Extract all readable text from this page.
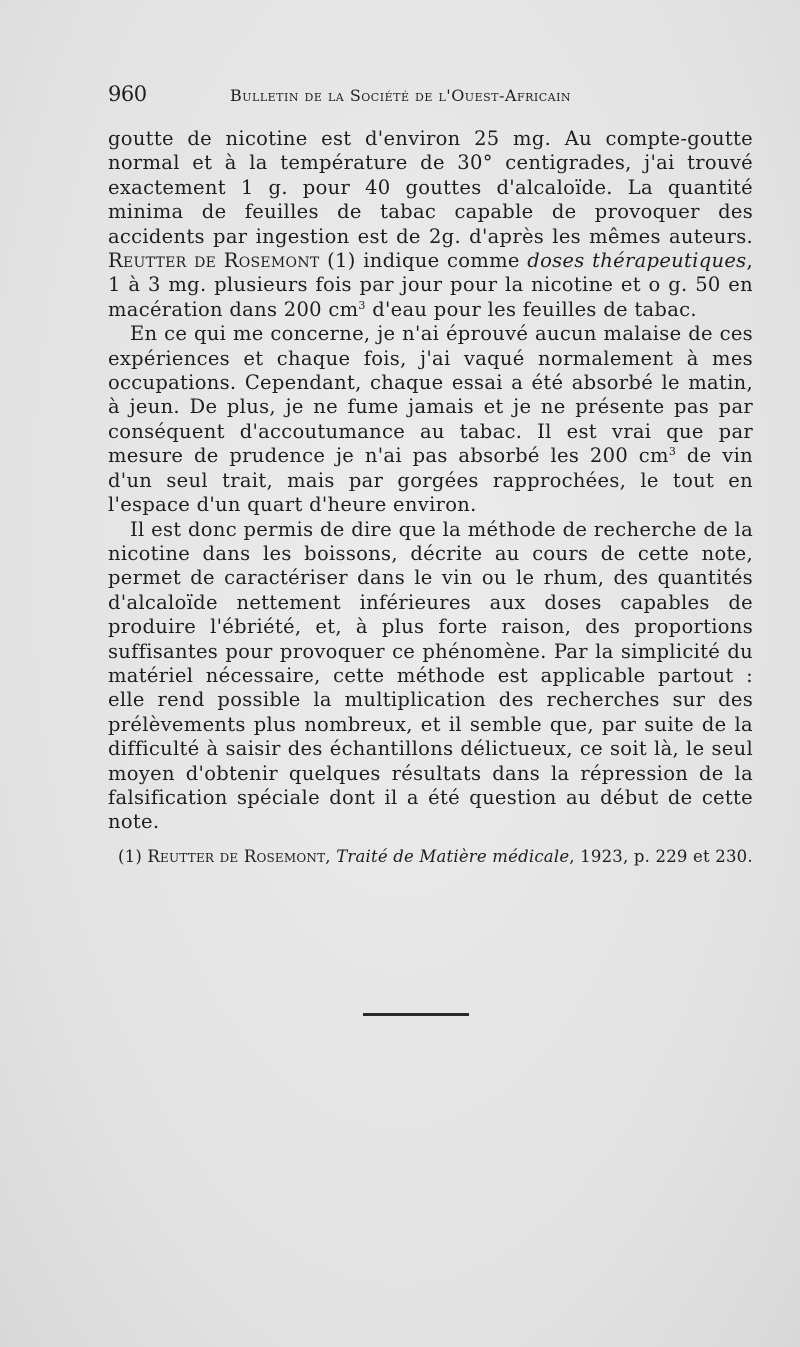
960	Bulletin de la Société de l'Ouest-Africain

goutte de nicotine est d'environ 25 mg. Au compte-goutte normal et à la température de 30° centigrades, j'ai trouvé exactement 1 g. pour 40 gouttes d'alcaloïde. La quantité minima de feuilles de tabac capable de provoquer des accidents par ingestion est de 2g. d'après les mêmes auteurs. Reutter de Rosemont (1) indique comme doses thérapeutiques, 1 à 3 mg. plusieurs fois par jour pour la nicotine et o g. 50 en macération dans 200 $cm^3$ d'eau pour les feuilles de tabac.

En ce qui me concerne, je n'ai éprouvé aucun malaise de ces expériences et chaque fois, j'ai vaqué normalement à mes occupations. Cependant, chaque essai a été absorbé le matin, à jeun. De plus, je ne fume jamais et je ne présente pas par conséquent d'accoutumance au tabac. Il est vrai que par mesure de prudence je n'ai pas absorbé les 200 $cm^3$ de vin d'un seul trait, mais par gorgées rapprochées, le tout en l'espace d'un quart d'heure environ.

Il est donc permis de dire que la méthode de recherche de la nicotine dans les boissons, décrite au cours de cette note, permet de caractériser dans le vin ou le rhum, des quantités d'alcaloïde nettement inférieures aux doses capables de produire l'ébriété, et, à plus forte raison, des proportions suffisantes pour provoquer ce phénomène. Par la simplicité du matériel nécessaire, cette méthode est applicable partout : elle rend possible la multiplication des recherches sur des prélèvements plus nombreux, et il semble que, par suite de la difficulté à saisir des échantillons délictueux, ce soit là, le seul moyen d'obtenir quelques résultats dans la répression de la falsification spéciale dont il a été question au début de cette note.

(1) Reutter de Rosemont, Traité de Matière médicale, 1923, p. 229 et 230.
